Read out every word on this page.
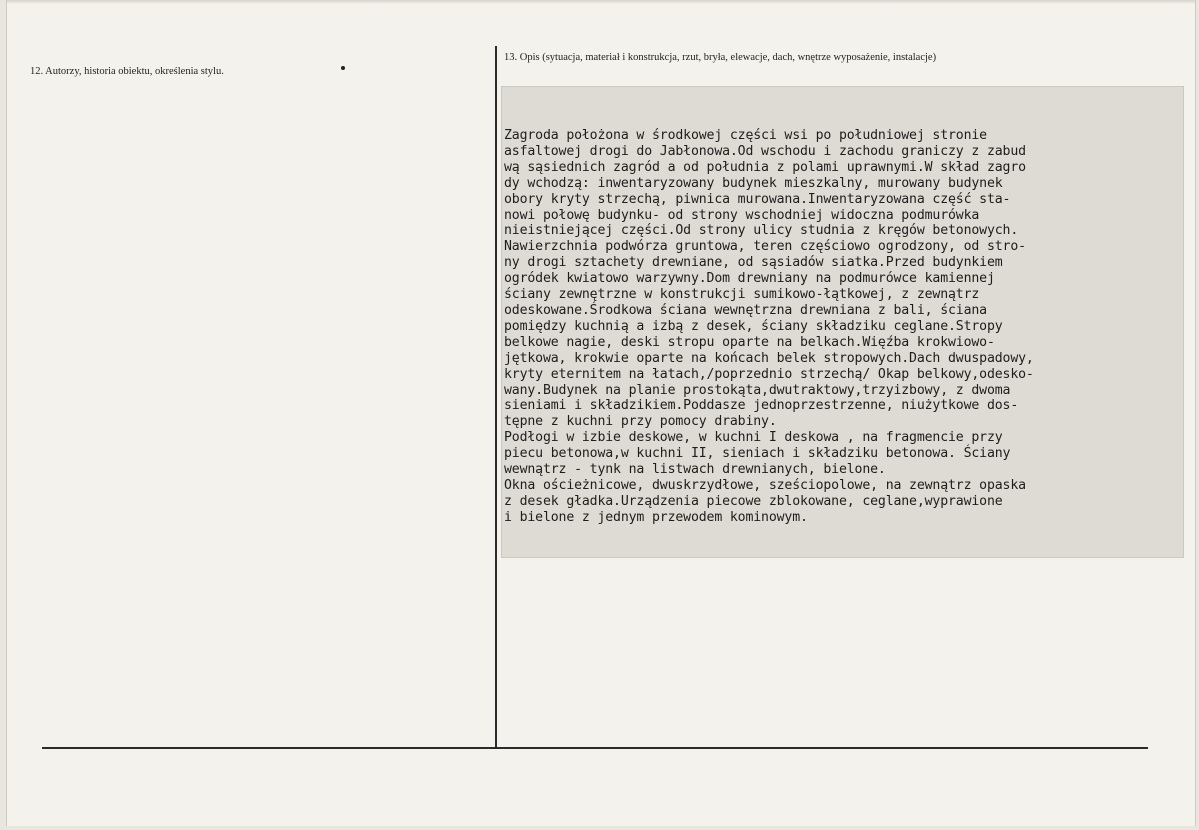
12. Autorzy, historia obiektu, określenia stylu.
13. Opis (sytuacja, materiał i konstrukcja, rzut, bryła, elewacje, dach, wnętrze wyposażenie, instalacje)
Zagroda położona w środkowej części wsi po południowej stronie
asfaltowej drogi do Jabłonowa.Od wschodu i zachodu graniczy z zabud
wą sąsiednich zagród a od południa z polami uprawnymi.W skład zagro
dy wchodzą: inwentaryzowany budynek mieszkalny, murowany budynek
obory kryty strzechą, piwnica murowana.Inwentaryzowana część sta-
nowi połowę budynku- od strony wschodniej widoczna podmurówka
nieistniejącej części.Od strony ulicy studnia z kręgów betonowych.
Nawierzchnia podwórza gruntowa, teren częściowo ogrodzony, od stro-
ny drogi sztachety drewniane, od sąsiadów siatka.Przed budynkiem
ogródek kwiatowo warzywny.Dom drewniany na podmurówce kamiennej
ściany zewnętrzne w konstrukcji sumikowo-łątkowej, z zewnątrz
odeskowane.Środkowa ściana wewnętrzna drewniana z bali, ściana
pomiędzy kuchnią a izbą z desek, ściany składziku ceglane.Stropy
belkowe nagie, deski stropu oparte na belkach.Więźba krokwiowo-
jętkowa, krokwie oparte na końcach belek stropowych.Dach dwuspadowy,
kryty eternitem na łatach,/poprzednio strzechą/ Okap belkowy,odesko-
wany.Budynek na planie prostokąta,dwutraktowy,trzyizbowy, z dwoma
sieniami i składzikiem.Poddasze jednoprzestrzenne, niużytkowe dos-
tępne z kuchni przy pomocy drabiny.
Podłogi w izbie deskowe, w kuchni I deskowa , na fragmencie przy
piecu betonowa,w kuchni II, sieniach i składziku betonowa. Ściany
wewnątrz - tynk na listwach drewnianych, bielone.
Okna ościeżnicowe, dwuskrzydłowe, sześciopolowe, na zewnątrz opaska
z desek gładka.Urządzenia piecowe zblokowane, ceglane,wyprawione
i bielone z jednym przewodem kominowym.
